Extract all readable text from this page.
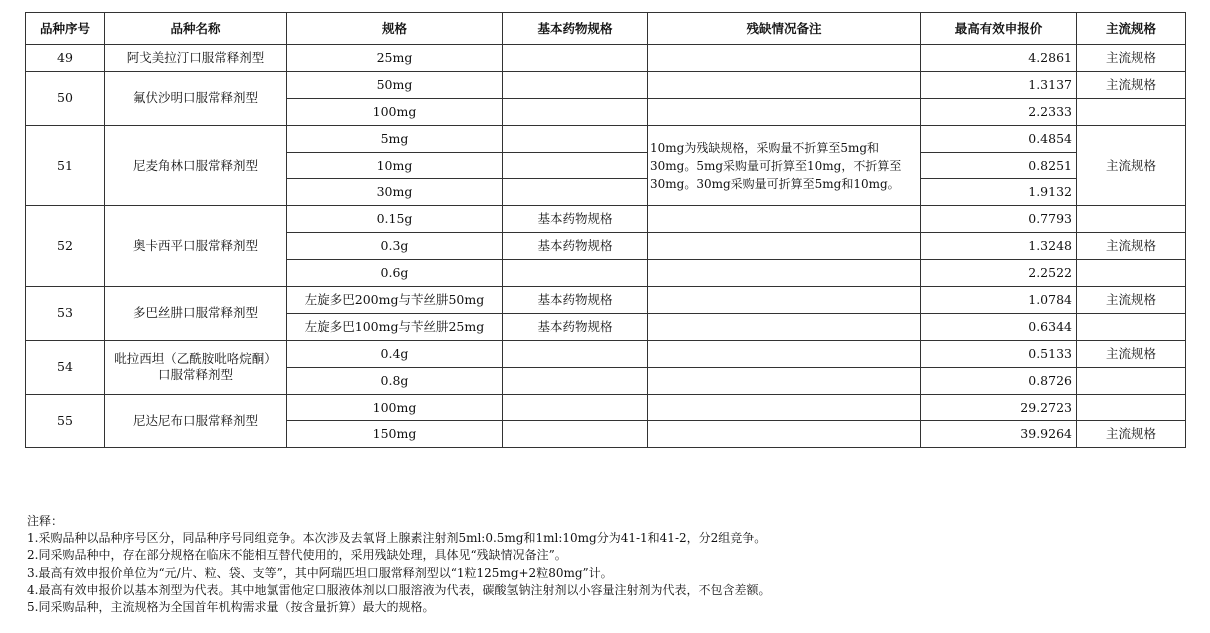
品种序号	品种名称	规格	基本药物规格	残缺情况备注	最高有效申报价	主流规格
49	阿戈美拉汀口服常释剂型	25mg			4.2861	主流规格
50	氟伏沙明口服常释剂型	50mg			1.3137	主流规格
		100mg			2.2333	
51	尼麦角林口服常释剂型	5mg		10mg为残缺规格，采购量不折算至5mg和30mg。5mg采购量可折算至10mg，不折算至30mg。30mg采购量可折算至5mg和10mg。	0.4854	主流规格
		10mg			0.8251	
		30mg			1.9132	
52	奥卡西平口服常释剂型	0.15g	基本药物规格		0.7793	
		0.3g	基本药物规格		1.3248	主流规格
		0.6g			2.2522	
53	多巴丝肼口服常释剂型	左旋多巴200mg与苄丝肼50mg	基本药物规格		1.0784	主流规格
		左旋多巴100mg与苄丝肼25mg	基本药物规格		0.6344	
54	吡拉西坦（乙酰胺吡咯烷酮）口服常释剂型	0.4g			0.5133	主流规格
		0.8g			0.8726	
55	尼达尼布口服常释剂型	100mg			29.2723	
		150mg			39.9264	主流规格
注释：
1.采购品种以品种序号区分，同品种序号同组竞争。本次涉及去氧肾上腺素注射剂5ml:0.5mg和1ml:10mg分为41-1和41-2，分2组竞争。
2.同采购品种中，存在部分规格在临床不能相互替代使用的，采用残缺处理，具体见“残缺情况备注”。
3.最高有效申报价单位为“元/片、粒、袋、支等”，其中阿瑞匹坦口服常释剂型以“1粒125mg+2粒80mg”计。
4.最高有效申报价以基本剂型为代表。其中地氯雷他定口服液体剂以口服溶液为代表，碳酸氢钠注射剂以小容量注射剂为代表，不包含差额。
5.同采购品种，主流规格为全国首年机构需求量（按含量折算）最大的规格。
